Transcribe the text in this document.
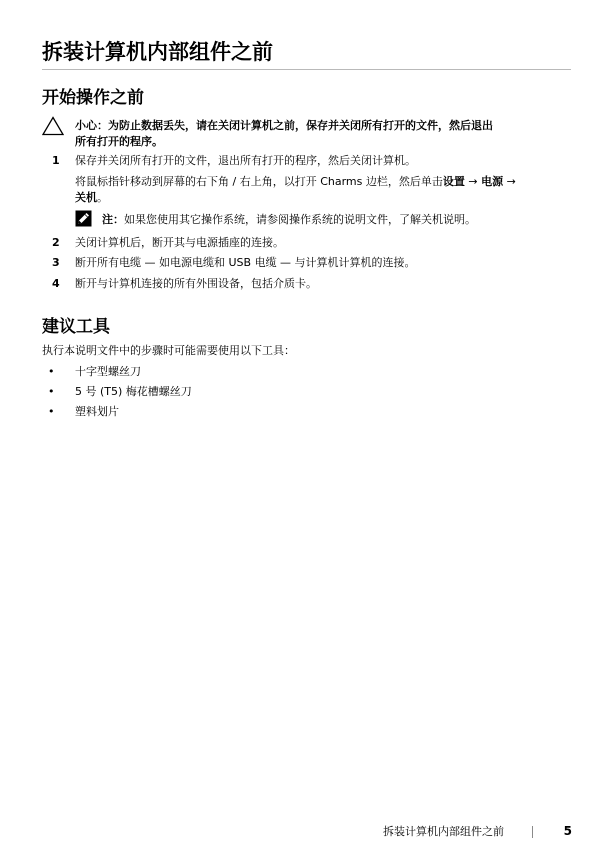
拆装计算机内部组件之前
开始操作之前
小心：为防止数据丢失，请在关闭计算机之前，保存并关闭所有打开的文件，然后退出
所有打开的程序。
1 保存并关闭所有打开的文件，退出所有打开的程序，然后关闭计算机。
将鼠标指针移动到屏幕的右下角 / 右上角，以打开 Charms 边栏，然后单击设置 → 电源 →
关机。
注：如果您使用其它操作系统，请参阅操作系统的说明文件，了解关机说明。
2 关闭计算机后，断开其与电源插座的连接。
3 断开所有电缆 — 如电源电缆和 USB 电缆 — 与计算机计算机的连接。
4 断开与计算机连接的所有外围设备，包括介质卡。
建议工具
执行本说明文件中的步骤时可能需要使用以下工具：
• 十字型螺丝刀
• 5 号 (T5) 梅花槽螺丝刀
• 塑料划片
拆装计算机内部组件之前	5
